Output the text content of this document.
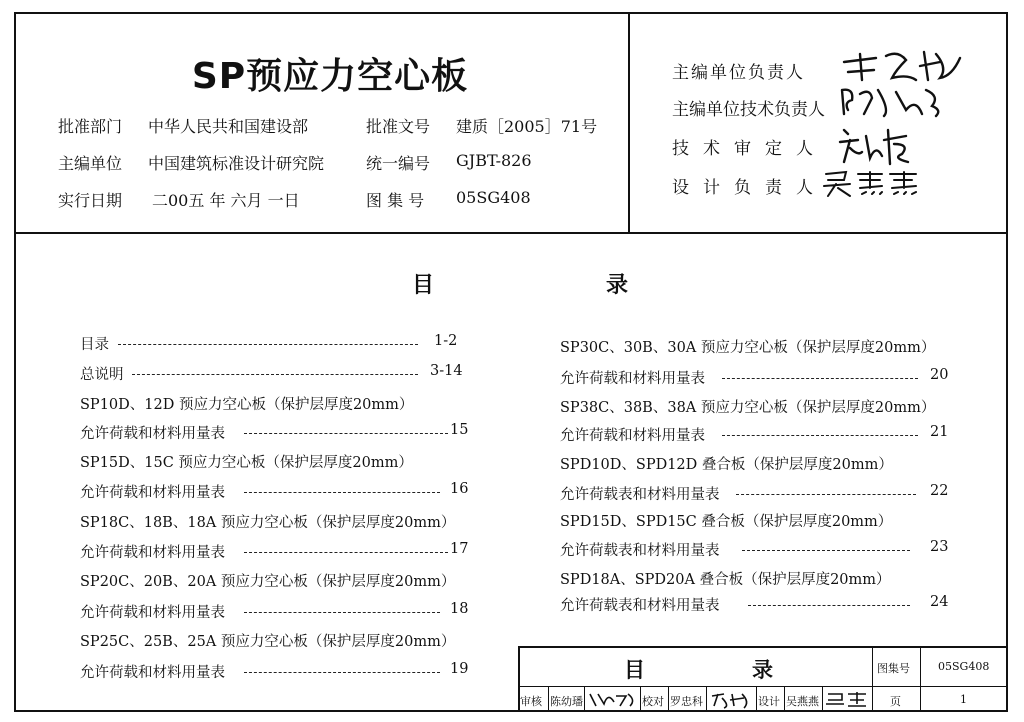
SP预应力空心板
批准部门 中华人民共和国建设部	批准文号 建质［2005］71号
主编单位 中国建筑标准设计研究院	统一编号 GJBT-826
实行日期 二00五 年 六月 一日	图 集 号 05SG408
主编单位负责人
主编单位技术负责人
技术审定人
设计负责人
目	录
目录	1-2
总说明	3-14
SP10D、12D 预应力空心板（保护层厚度20mm）
允许荷载和材料用量表	15
SP15D、15C 预应力空心板（保护层厚度20mm）
允许荷载和材料用量表	16
SP18C、18B、18A 预应力空心板（保护层厚度20mm）
允许荷载和材料用量表	17
SP20C、20B、20A 预应力空心板（保护层厚度20mm）
允许荷载和材料用量表	18
SP25C、25B、25A 预应力空心板（保护层厚度20mm）
允许荷载和材料用量表	19
SP30C、30B、30A 预应力空心板（保护层厚度20mm）
允许荷载和材料用量表	20
SP38C、38B、38A 预应力空心板（保护层厚度20mm）
允许荷载和材料用量表	21
SPD10D、SPD12D 叠合板（保护层厚度20mm）
允许荷载表和材料用量表	22
SPD15D、SPD15C 叠合板（保护层厚度20mm）
允许荷载表和材料用量表	23
SPD18A、SPD20A 叠合板（保护层厚度20mm）
允许荷载表和材料用量表	24
目	录	图集号	05SG408
审核 陈幼璠	校对 罗忠科	设计 吴燕燕	页	1
